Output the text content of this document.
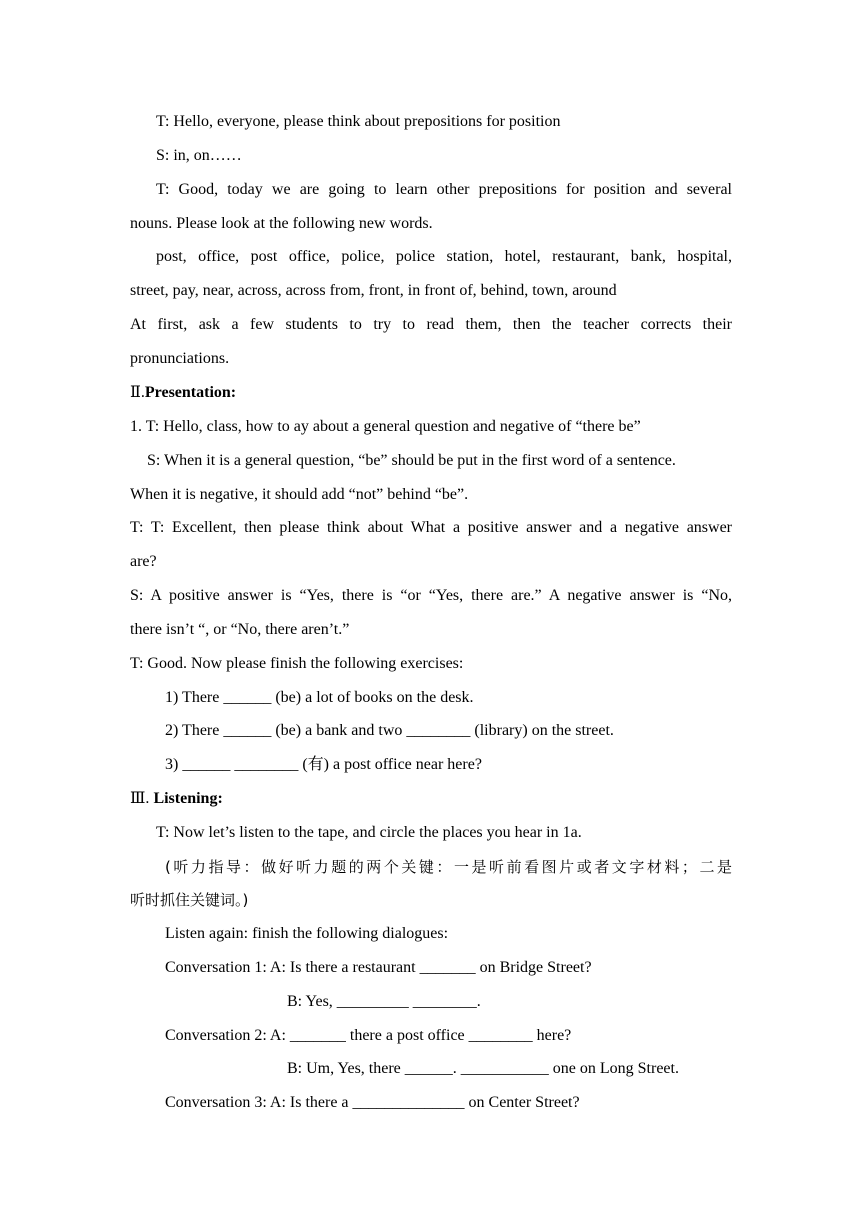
T: Hello, everyone, please think about prepositions for position
S: in, on……
T: Good, today we are going to learn other prepositions for position and several
nouns. Please look at the following new words.
post, office, post office, police, police station, hotel, restaurant, bank, hospital,
street, pay, near, across, across from, front, in front of, behind, town, around
At first, ask a few students to try to read them, then the teacher corrects their
pronunciations.
Ⅱ.Presentation:
1. T: Hello, class, how to ay about a general question and negative of “there be”
S: When it is a general question, “be” should be put in the first word of a sentence.
When it is negative, it should add “not” behind “be”.
T: T: Excellent, then please think about What a positive answer and a negative answer
are?
S: A positive answer is “Yes, there is “or “Yes, there are.” A negative answer is “No,
there isn’t “, or “No, there aren’t.”
T: Good. Now please finish the following exercises:
1) There ______ (be) a lot of books on the desk.
2) There ______ (be) a bank and two ________ (library) on the street.
3) ______ ________ (有) a post office near here?
Ⅲ. Listening:
T: Now let’s listen to the tape, and circle the places you hear in 1a.
(听力指导：做好听力题的两个关键：一是听前看图片或者文字材料；二是
听时抓住关键词。)
Listen again: finish the following dialogues:
Conversation 1: A: Is there a restaurant _______ on Bridge Street?
B: Yes, _________ ________.
Conversation 2: A: _______ there a post office ________ here?
B: Um, Yes, there ______. ___________ one on Long Street.
Conversation 3: A: Is there a ______________ on Center Street?
